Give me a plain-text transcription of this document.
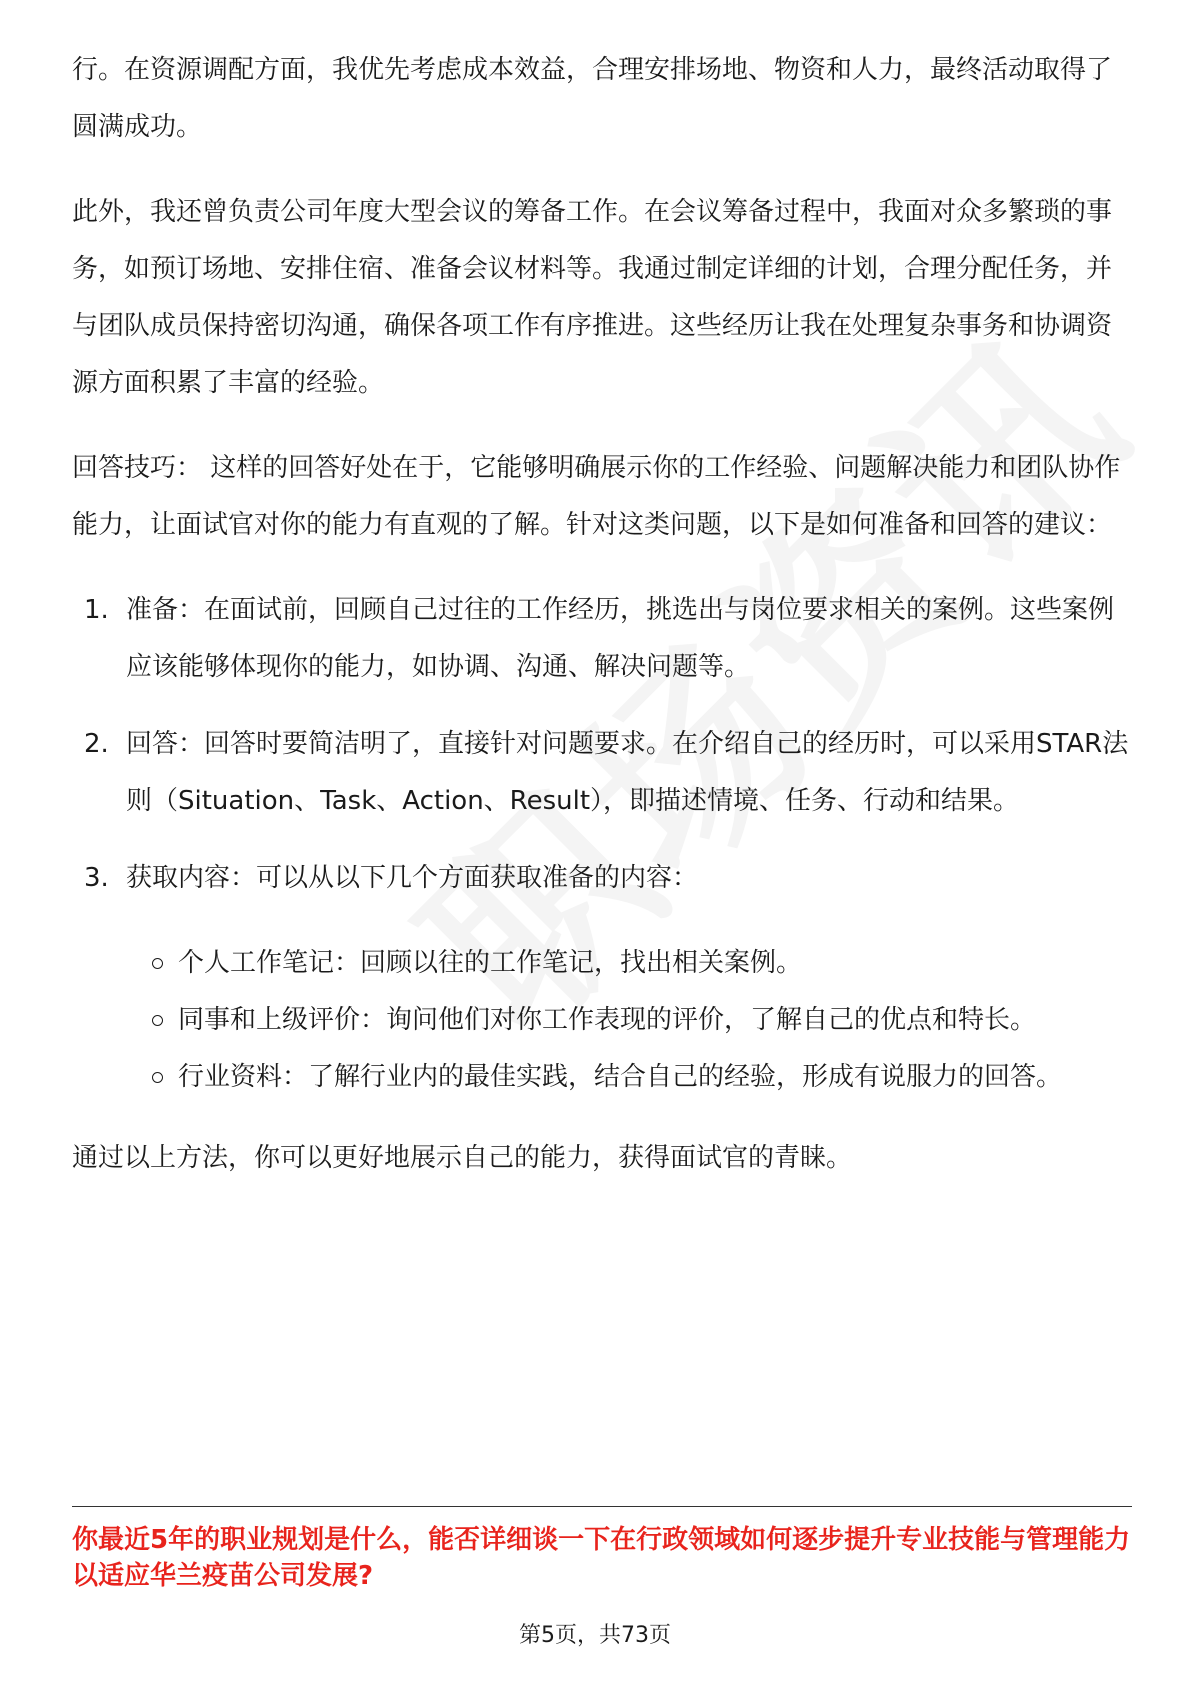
行。在资源调配方面，我优先考虑成本效益，合理安排场地、物资和人力，最终活动取得了圆满成功。

此外，我还曾负责公司年度大型会议的筹备工作。在会议筹备过程中，我面对众多繁琐的事务，如预订场地、安排住宿、准备会议材料等。我通过制定详细的计划，合理分配任务，并与团队成员保持密切沟通，确保各项工作有序推进。这些经历让我在处理复杂事务和协调资源方面积累了丰富的经验。

回答技巧： 这样的回答好处在于，它能够明确展示你的工作经验、问题解决能力和团队协作能力，让面试官对你的能力有直观的了解。针对这类问题，以下是如何准备和回答的建议：

1. 准备：在面试前，回顾自己过往的工作经历，挑选出与岗位要求相关的案例。这些案例应该能够体现你的能力，如协调、沟通、解决问题等。
2. 回答：回答时要简洁明了，直接针对问题要求。在介绍自己的经历时，可以采用STAR法则（Situation、Task、Action、Result），即描述情境、任务、行动和结果。
3. 获取内容：可以从以下几个方面获取准备的内容：
个人工作笔记：回顾以往的工作笔记，找出相关案例。
同事和上级评价：询问他们对你工作表现的评价，了解自己的优点和特长。
行业资料：了解行业内的最佳实践，结合自己的经验，形成有说服力的回答。

通过以上方法，你可以更好地展示自己的能力，获得面试官的青睐。

你最近5年的职业规划是什么，能否详细谈一下在行政领域如何逐步提升专业技能与管理能力以适应华兰疫苗公司发展?

第5页，共73页
